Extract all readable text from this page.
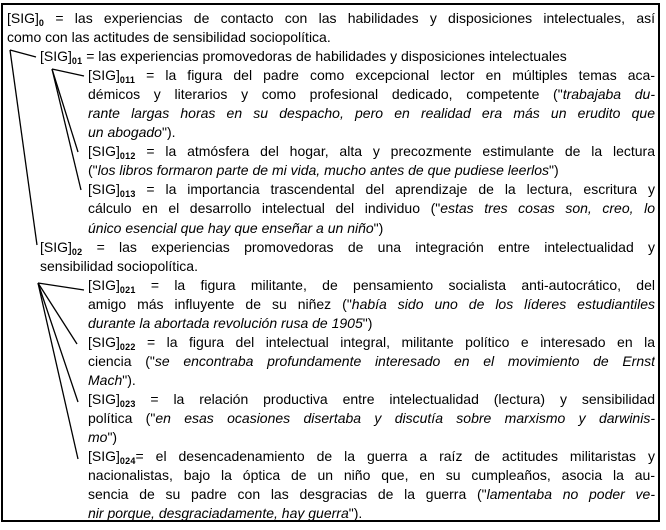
$[SIG]_0$ = las experiencias de contacto con las habilidades y disposiciones intelectuales, así
como con las actitudes de sensibilidad sociopolítica.
$[SIG]_{01}$ = las experiencias promovedoras de habilidades y disposiciones intelectuales
$[SIG]_{011}$ = la figura del padre como excepcional lector en múltiples temas aca-
démicos y literarios y como profesional dedicado, competente ("trabajaba du-
rante largas horas en su despacho, pero en realidad era más un erudito que
un abogado").
$[SIG]_{012}$ = la atmósfera del hogar, alta y precozmente estimulante de la lectura
("los libros formaron parte de mi vida, mucho antes de que pudiese leerlos")
$[SIG]_{013}$ = la importancia trascendental del aprendizaje de la lectura, escritura y
cálculo en el desarrollo intelectual del individuo ("estas tres cosas son, creo, lo
único esencial que hay que enseñar a un niño")
$[SIG]_{02}$ = las experiencias promovedoras de una integración entre intelectualidad y
sensibilidad sociopolítica.
$[SIG]_{021}$ = la figura militante, de pensamiento socialista anti-autocrático, del
amigo más influyente de su niñez ("había sido uno de los líderes estudiantiles
durante la abortada revolución rusa de 1905")
$[SIG]_{022}$ = la figura del intelectual integral, militante político e interesado en la
ciencia ("se encontraba profundamente interesado en el movimiento de Ernst
Mach").
$[SIG]_{023}$ = la relación productiva entre intelectualidad (lectura) y sensibilidad
política ("en esas ocasiones disertaba y discutía sobre marxismo y darwinis-
mo")
$[SIG]_{024}=$ el desencadenamiento de la guerra a raíz de actitudes militaristas y
nacionalistas, bajo la óptica de un niño que, en su cumpleaños, asocia la au-
sencia de su padre con las desgracias de la guerra ("lamentaba no poder ve-
nir porque, desgraciadamente, hay guerra").
